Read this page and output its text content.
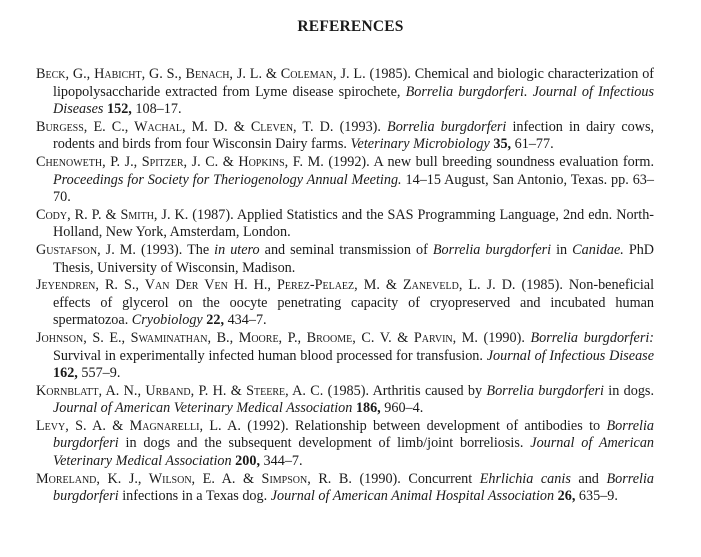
REFERENCES

Beck, G., Habicht, G. S., Benach, J. L. & Coleman, J. L. (1985). Chemical and biologic characterization of lipopolysaccharide extracted from Lyme disease spirochete, Borrelia burgdorferi. Journal of Infectious Diseases 152, 108–17.

Burgess, E. C., Wachal, M. D. & Cleven, T. D. (1993). Borrelia burgdorferi infection in dairy cows, rodents and birds from four Wisconsin Dairy farms. Veterinary Microbiology 35, 61–77.

Chenoweth, P. J., Spitzer, J. C. & Hopkins, F. M. (1992). A new bull breeding soundness evaluation form. Proceedings for Society for Theriogenology Annual Meeting. 14–15 August, San Antonio, Texas. pp. 63–70.

Cody, R. P. & Smith, J. K. (1987). Applied Statistics and the SAS Programming Language, 2nd edn. North-Holland, New York, Amsterdam, London.

Gustafson, J. M. (1993). The in utero and seminal transmission of Borrelia burgdorferi in Canidae. PhD Thesis, University of Wisconsin, Madison.

Jeyendren, R. S., Van Der Ven H. H., Perez-Pelaez, M. & Zaneveld, L. J. D. (1985). Non-beneficial effects of glycerol on the oocyte penetrating capacity of cryopreserved and incubated human spermatozoa. Cryobiology 22, 434–7.

Johnson, S. E., Swaminathan, B., Moore, P., Broome, C. V. & Parvin, M. (1990). Borrelia burgdorferi: Survival in experimentally infected human blood processed for transfusion. Journal of Infectious Disease 162, 557–9.

Kornblatt, A. N., Urband, P. H. & Steere, A. C. (1985). Arthritis caused by Borrelia burgdorferi in dogs. Journal of American Veterinary Medical Association 186, 960–4.

Levy, S. A. & Magnarelli, L. A. (1992). Relationship between development of antibodies to Borrelia burgdorferi in dogs and the subsequent development of limb/joint borreliosis. Journal of American Veterinary Medical Association 200, 344–7.

Moreland, K. J., Wilson, E. A. & Simpson, R. B. (1990). Concurrent Ehrlichia canis and Borrelia burgdorferi infections in a Texas dog. Journal of American Animal Hospital Association 26, 635–9.
